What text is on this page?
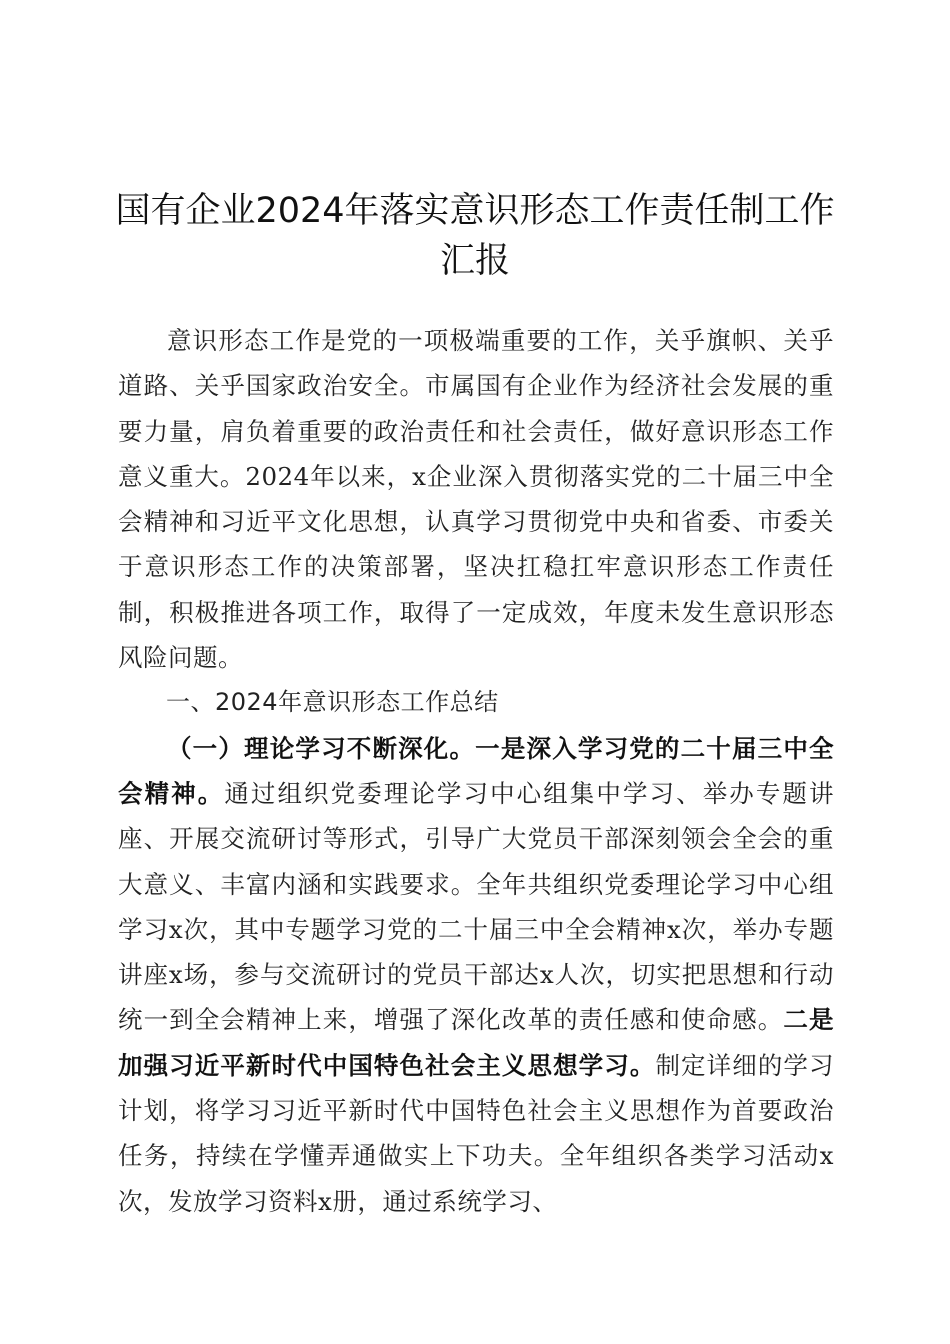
国有企业2024年落实意识形态工作责任制工作汇报

意识形态工作是党的一项极端重要的工作，关乎旗帜、关乎道路、关乎国家政治安全。市属国有企业作为经济社会发展的重要力量，肩负着重要的政治责任和社会责任，做好意识形态工作意义重大。2024年以来，x企业深入贯彻落实党的二十届三中全会精神和习近平文化思想，认真学习贯彻党中央和省委、市委关于意识形态工作的决策部署，坚决扛稳扛牢意识形态工作责任制，积极推进各项工作，取得了一定成效，年度未发生意识形态风险问题。

一、2024年意识形态工作总结

（一）理论学习不断深化。一是深入学习党的二十届三中全会精神。通过组织党委理论学习中心组集中学习、举办专题讲座、开展交流研讨等形式，引导广大党员干部深刻领会全会的重大意义、丰富内涵和实践要求。全年共组织党委理论学习中心组学习x次，其中专题学习党的二十届三中全会精神x次，举办专题讲座x场，参与交流研讨的党员干部达x人次，切实把思想和行动统一到全会精神上来，增强了深化改革的责任感和使命感。二是加强习近平新时代中国特色社会主义思想学习。制定详细的学习计划，将学习习近平新时代中国特色社会主义思想作为首要政治任务，持续在学懂弄通做实上下功夫。全年组织各类学习活动x次，发放学习资料x册，通过系统学习、
